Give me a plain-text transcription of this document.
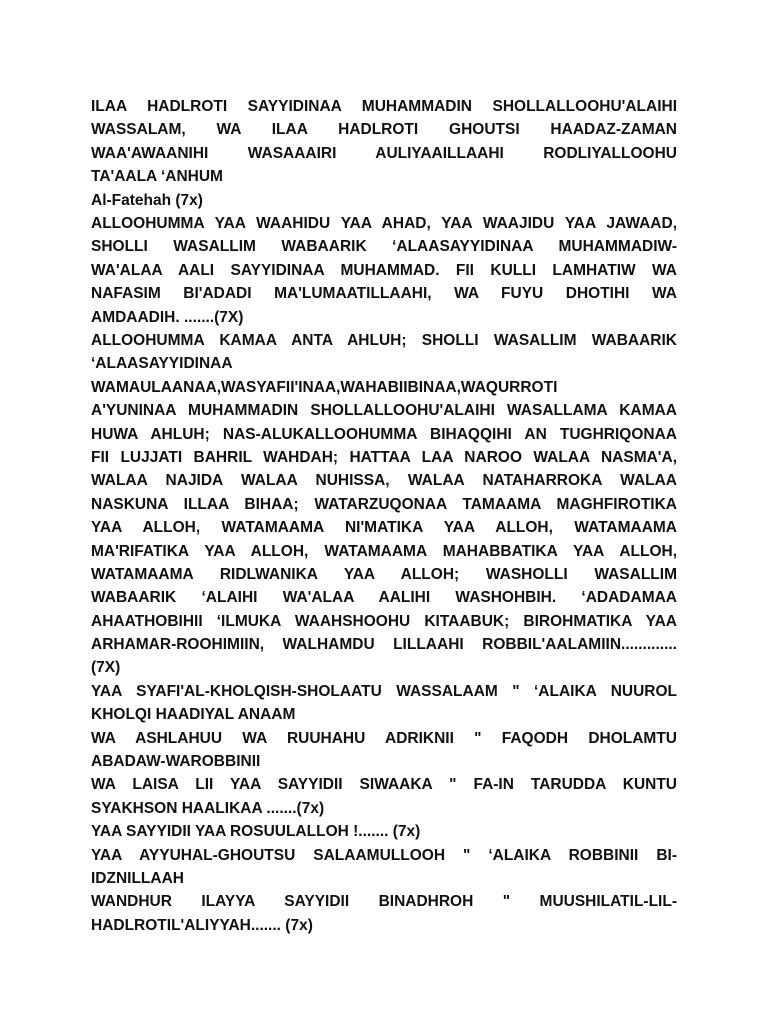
ILAA HADLROTI SAYYIDINAA MUHAMMADIN SHOLLALLOOHU'ALAIHI
WASSALAM, WA ILAA HADLROTI GHOUTSI HAADAZ-ZAMAN
WAA'AWAANIHI WASAAAIRI AULIYAAILLAAHI RODLIYALLOOHU
TA'AALA ‘ANHUM
Al-Fatehah (7x)
ALLOOHUMMA YAA WAAHIDU YAA AHAD, YAA WAAJIDU YAA JAWAAD,
SHOLLI WASALLIM WABAARIK ‘ALAASAYYIDINAA MUHAMMADIW-
WA'ALAA AALI SAYYIDINAA MUHAMMAD. FII KULLI LAMHATIW WA
NAFASIM BI'ADADI MA'LUMAATILLAAHI, WA FUYU DHOTIHI WA
AMDAADIH. .......(7X)
ALLOOHUMMA KAMAA ANTA AHLUH; SHOLLI WASALLIM WABAARIK
‘ALAASAYYIDINAA
WAMAULAANAA,WASYAFII'INAA,WAHABIIBINAA,WAQURROTI
A'YUNINAA MUHAMMADIN SHOLLALLOOHU'ALAIHI WASALLAMA KAMAA
HUWA AHLUH; NAS-ALUKALLOOHUMMA BIHAQQIHI AN TUGHRIQONAA
FII LUJJATI BAHRIL WAHDAH; HATTAA LAA NAROO WALAA NASMA'A,
WALAA NAJIDA WALAA NUHISSA, WALAA NATAHARROKA WALAA
NASKUNA ILLAA BIHAA; WATARZUQONAA TAMAAMA MAGHFIROTIKA
YAA ALLOH, WATAMAAMA NI'MATIKA YAA ALLOH, WATAMAAMA
MA'RIFATIKA YAA ALLOH, WATAMAAMA MAHABBATIKA YAA ALLOH,
WATAMAAMA RIDLWANIKA YAA ALLOH; WASHOLLI WASALLIM
WABAARIK ‘ALAIHI WA'ALAA AALIHI WASHOHBIH. ‘ADADAMAA
AHAATHOBIHII ‘ILMUKA WAAHSHOOHU KITAABUK; BIROHMATIKA YAA
ARHAMAR-ROOHIMIIN, WALHAMDU LILLAAHI ROBBIL'AALAMIIN.............
(7X)
YAA SYAFI'AL-KHOLQISH-SHOLAATU WASSALAAM " ‘ALAIKA NUUROL
KHOLQI HAADIYAL ANAAM
WA ASHLAHUU WA RUUHAHU ADRIKNII " FAQODH DHOLAMTU
ABADAW-WAROBBINII
WA LAISA LII YAA SAYYIDII SIWAAKA " FA-IN TARUDDA KUNTU
SYAKHSON HAALIKAA .......(7x)
YAA SAYYIDII YAA ROSUULALLOH !....... (7x)
YAA AYYUHAL-GHOUTSU SALAAMULLOOH " ‘ALAIKA ROBBINII BI-
IDZNILLAAH
WANDHUR ILAYYA SAYYIDII BINADHROH " MUUSHILATIL-LIL-
HADLROTIL'ALIYYAH....... (7x)
